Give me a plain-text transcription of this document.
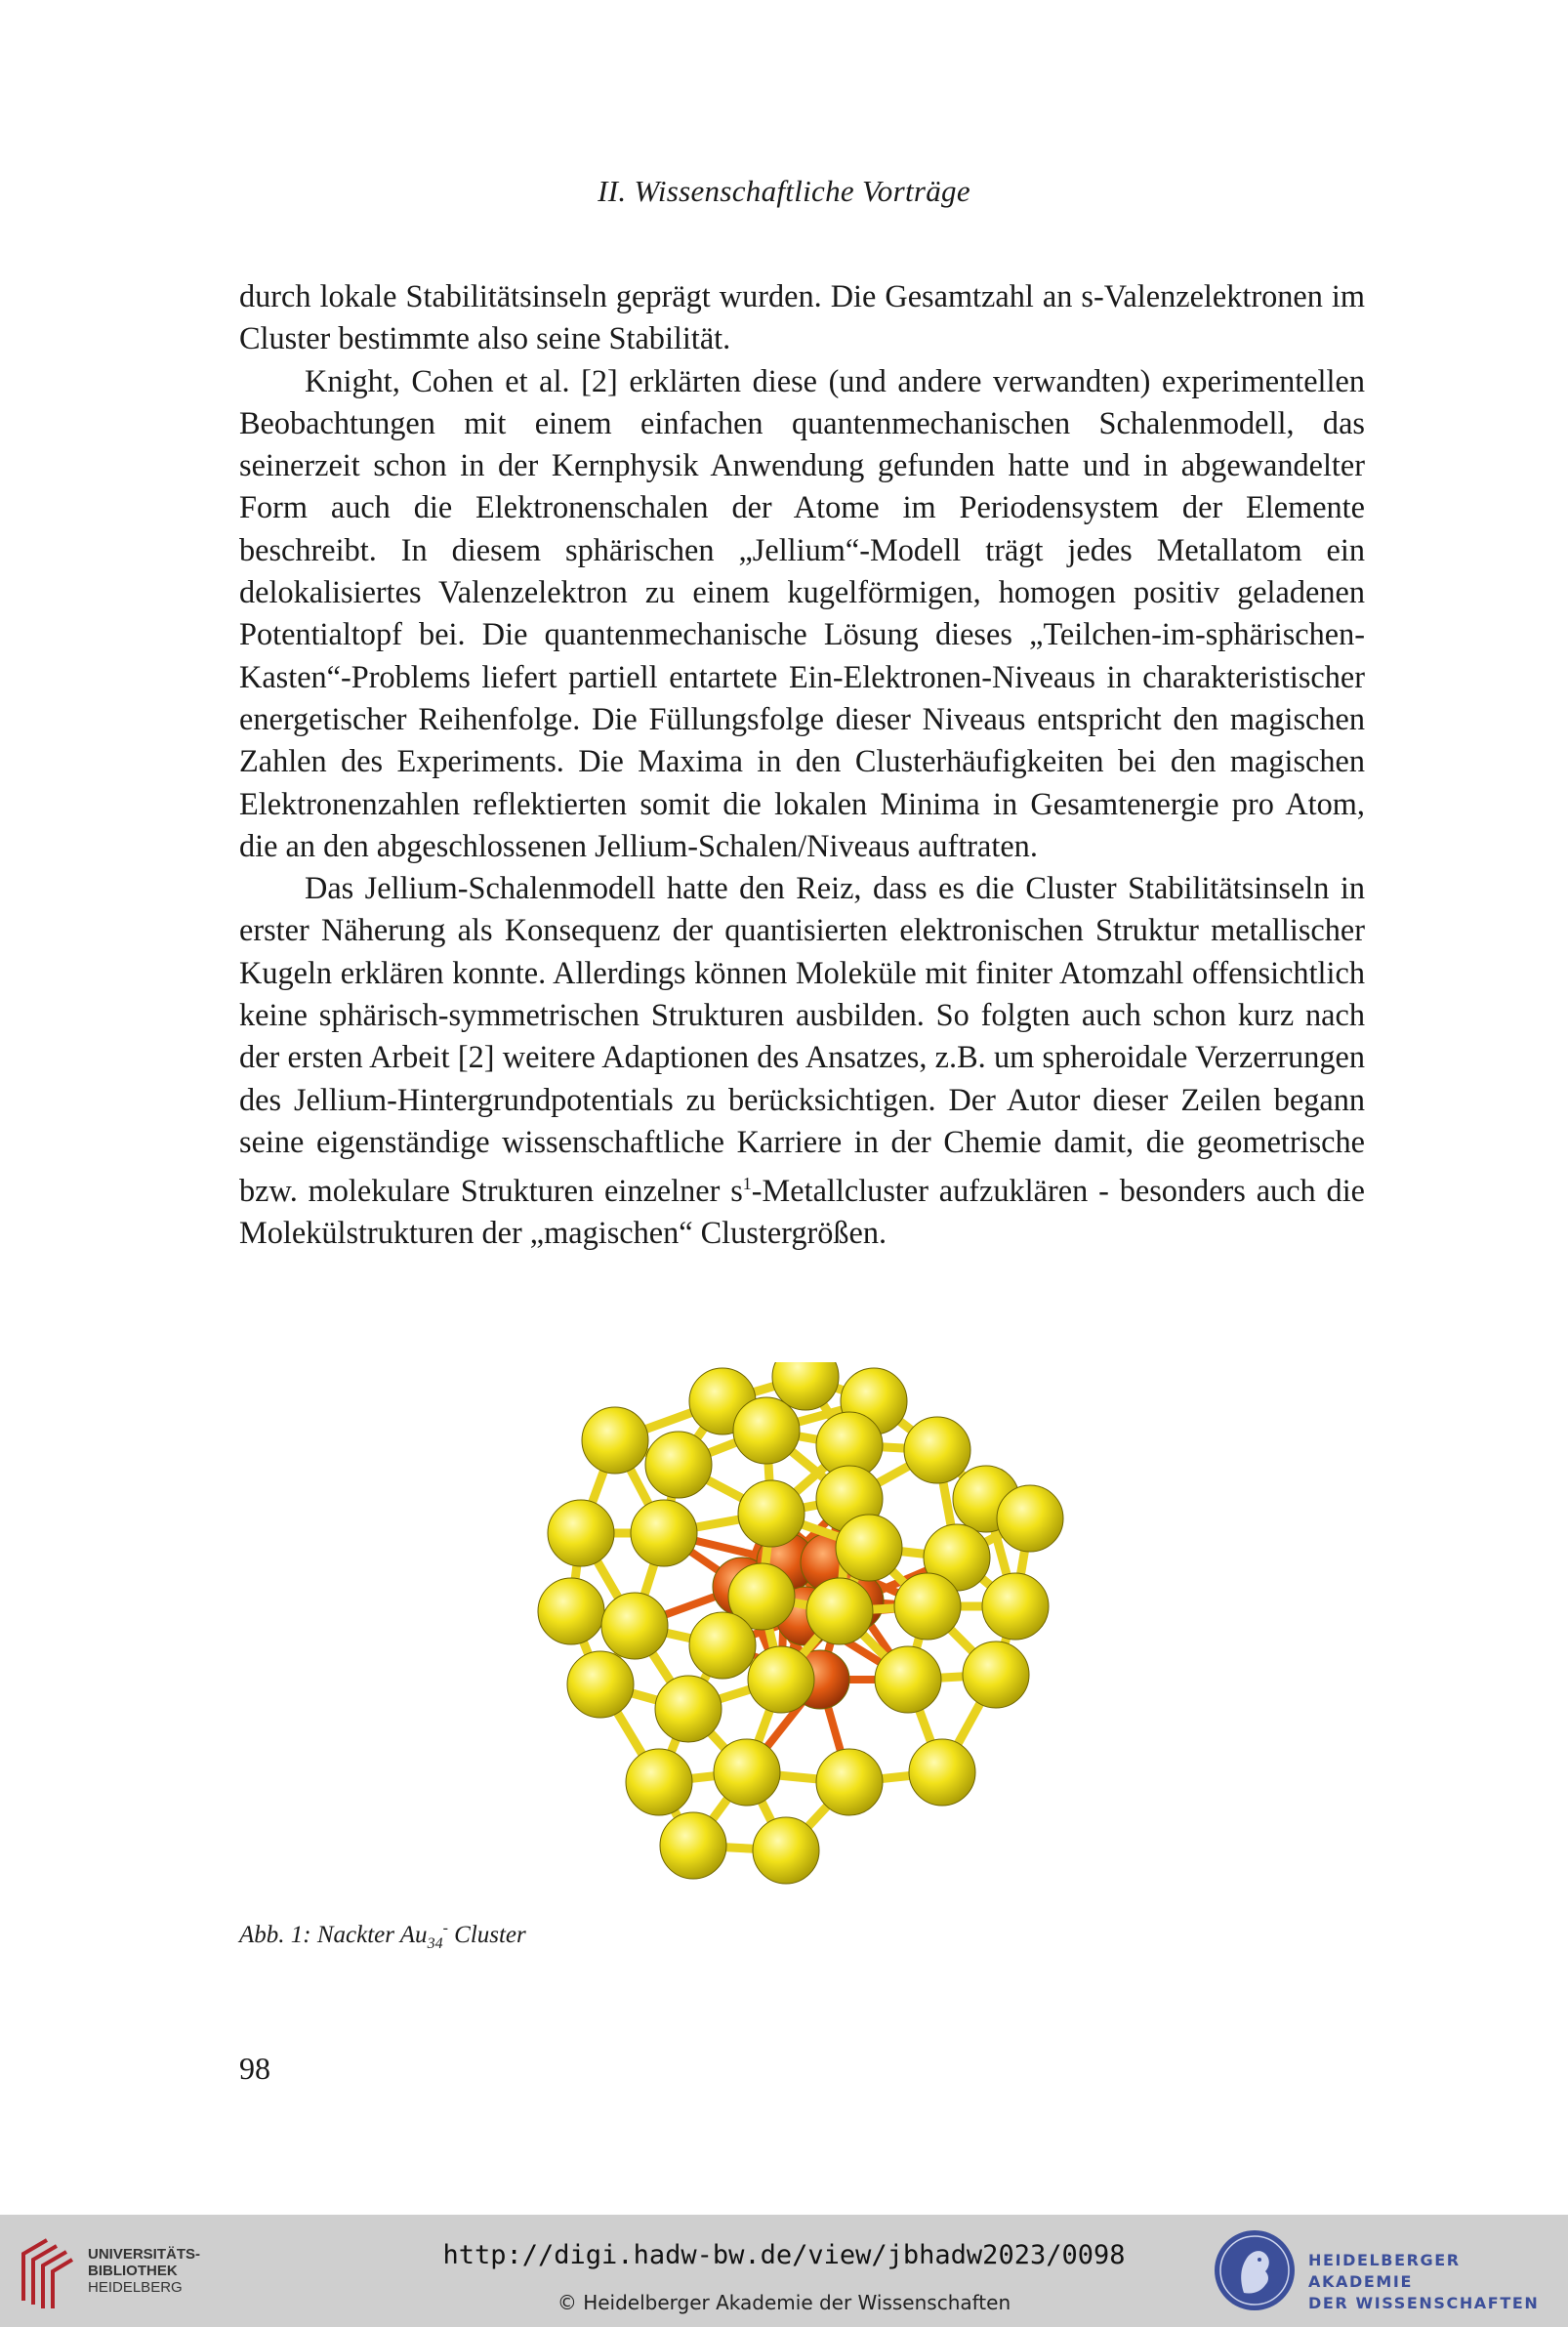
II. Wissenschaftliche Vorträge

durch lokale Stabilitätsinseln geprägt wurden. Die Gesamtzahl an s-Valenzelektronen im Cluster bestimmte also seine Stabilität.

Knight, Cohen et al. [2] erklärten diese (und andere verwandten) experimentellen Beobachtungen mit einem einfachen quantenmechanischen Schalenmodell, das seinerzeit schon in der Kernphysik Anwendung gefunden hatte und in abgewandelter Form auch die Elektronenschalen der Atome im Periodensystem der Elemente beschreibt. In diesem sphärischen „Jellium“-Modell trägt jedes Metallatom ein delokalisiertes Valenzelektron zu einem kugelförmigen, homogen positiv geladenen Potentialtopf bei. Die quantenmechanische Lösung dieses „Teilchen-im-sphärischen-Kasten“-Problems liefert partiell entartete Ein-Elektronen-Niveaus in charakteristischer energetischer Reihenfolge. Die Füllungsfolge dieser Niveaus entspricht den magischen Zahlen des Experiments. Die Maxima in den Clusterhäufigkeiten bei den magischen Elektronenzahlen reflektierten somit die lokalen Minima in Gesamtenergie pro Atom, die an den abgeschlossenen Jellium-Schalen/Niveaus auftraten.

Das Jellium-Schalenmodell hatte den Reiz, dass es die Cluster Stabilitätsinseln in erster Näherung als Konsequenz der quantisierten elektronischen Struktur metallischer Kugeln erklären konnte. Allerdings können Moleküle mit finiter Atomzahl offensichtlich keine sphärisch-symmetrischen Strukturen ausbilden. So folgten auch schon kurz nach der ersten Arbeit [2] weitere Adaptionen des Ansatzes, z.B. um spheroidale Verzerrungen des Jellium-Hintergrundpotentials zu berücksichtigen. Der Autor dieser Zeilen begann seine eigenständige wissenschaftliche Karriere in der Chemie damit, die geometrische bzw. molekulare Strukturen einzelner $s^1$-Metallcluster aufzuklären - besonders auch die Molekülstrukturen der „magischen“ Clustergrößen.

Abb. 1: Nackter $Au_{34}^-$ Cluster
98
UNIVERSITÄTS-
BIBLIOTHEK
HEIDELBERG
http://digi.hadw-bw.de/view/jbhadw2023/0098
© Heidelberger Akademie der Wissenschaften
HEIDELBERGER AKADEMIE
DER WISSENSCHAFTEN
